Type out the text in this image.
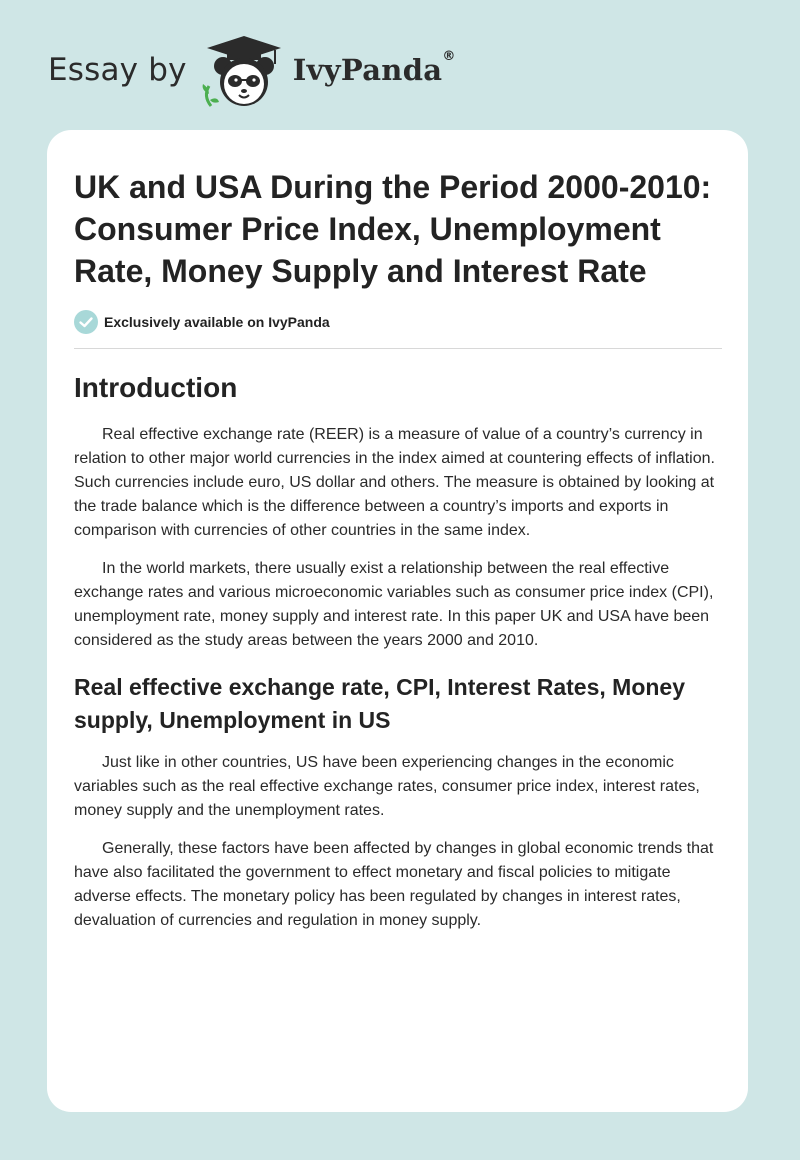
Essay by	IvyPanda®
UK and USA During the Period 2000-2010: Consumer Price Index, Unemployment Rate, Money Supply and Interest Rate
Exclusively available on IvyPanda
Introduction

Real effective exchange rate (REER) is a measure of value of a country’s currency in relation to other major world currencies in the index aimed at countering effects of inflation. Such currencies include euro, US dollar and others. The measure is obtained by looking at the trade balance which is the difference between a country’s imports and exports in comparison with currencies of other countries in the same index.

In the world markets, there usually exist a relationship between the real effective exchange rates and various microeconomic variables such as consumer price index (CPI), unemployment rate, money supply and interest rate. In this paper UK and USA have been considered as the study areas between the years 2000 and 2010.

Real effective exchange rate, CPI, Interest Rates, Money supply, Unemployment in US

Just like in other countries, US have been experiencing changes in the economic variables such as the real effective exchange rates, consumer price index, interest rates, money supply and the unemployment rates.

Generally, these factors have been affected by changes in global economic trends that have also facilitated the government to effect monetary and fiscal policies to mitigate adverse effects. The monetary policy has been regulated by changes in interest rates, devaluation of currencies and regulation in money supply.
